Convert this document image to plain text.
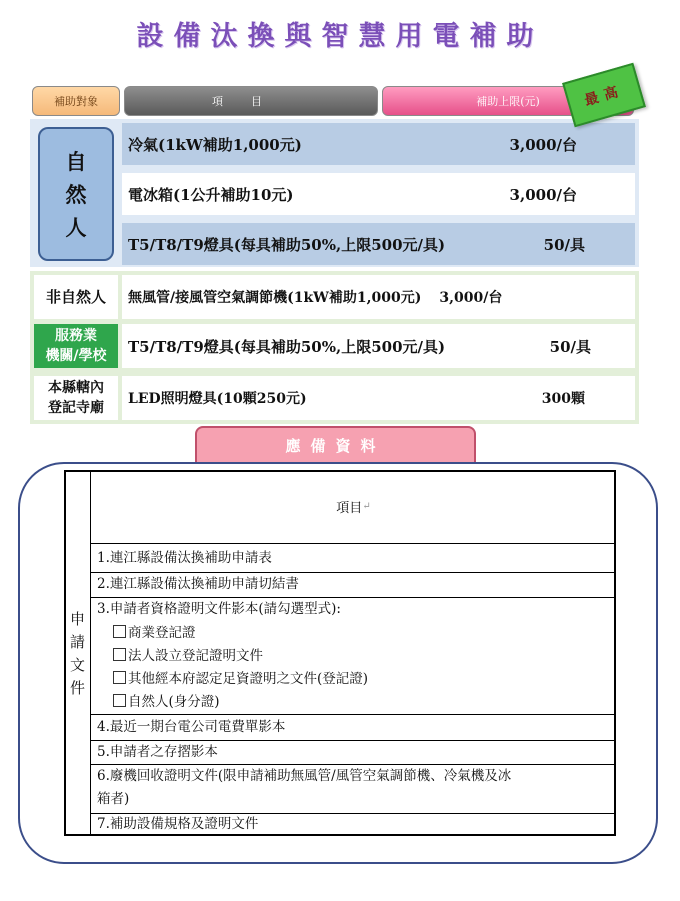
設備汰換與智慧用電補助
補助對象	項目	補助上限(元)
自
然
人
冷氣(1kW補助1,000元)	3,000/台
電冰箱(1公升補助10元)	3,000/台
T5/T8/T9燈具(每具補助50%,上限500元/具)	50/具
非自然人 無風管/接風管空氣調節機(1kW補助1,000元) 3,000/台
服務業
機關/學校
T5/T8/T9燈具(每具補助50%,上限500元/具)	50/具
本縣轄內
登記寺廟
LED照明燈具(10顆250元)	300顆
最高
應備資料
申
請
文
件
項目 ↵
1.連江縣設備汰換補助申請表
2.連江縣設備汰換補助申請切結書
3.申請者資格證明文件影本(請勾選型式):
商業登記證
法人設立登記證明文件
其他經本府認定足資證明之文件(登記證)
自然人(身分證)
4.最近一期台電公司電費單影本
5.申請者之存摺影本
6.廢機回收證明文件(限申請補助無風管/風管空氣調節機、冷氣機及冰
箱者)
7.補助設備規格及證明文件
